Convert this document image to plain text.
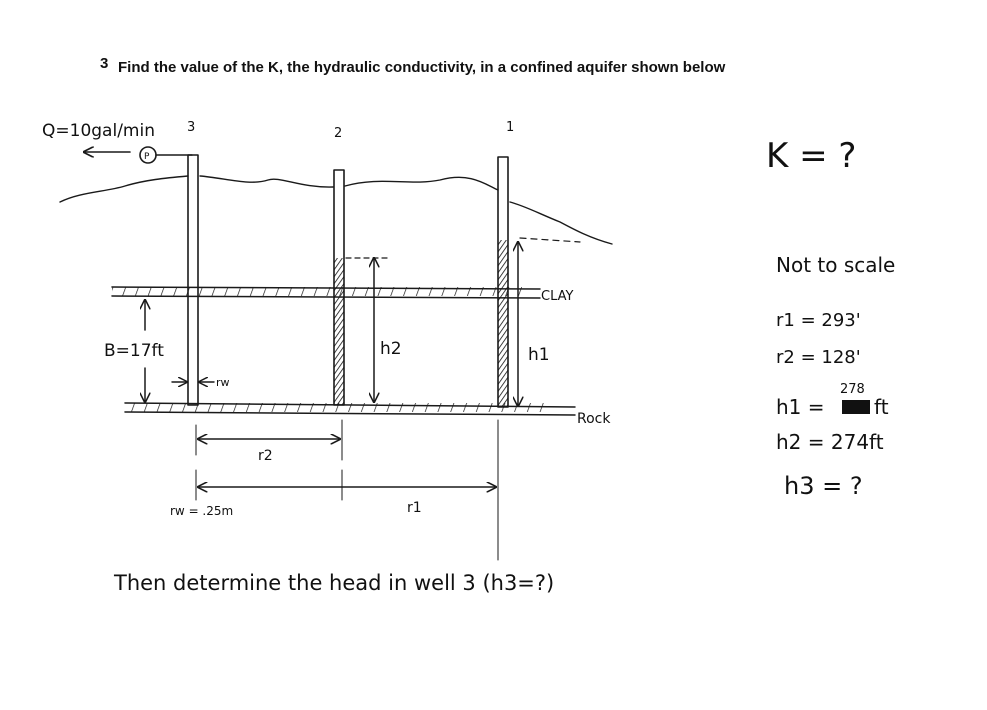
3 Find the value of the K, the hydraulic conductivity, in a confined aquifer shown below
Q=10gal/min
P
3	2	1
CLAY
Rock
B=17ft
rw
h2	h1
r2
r1
rw = .25m
K = ?
Not to scale
r1 = 293'
r2 = 128'
278
h1 = ft
h2 = 274ft
h3 = ?
Then determine the head in well 3 (h3=?)
